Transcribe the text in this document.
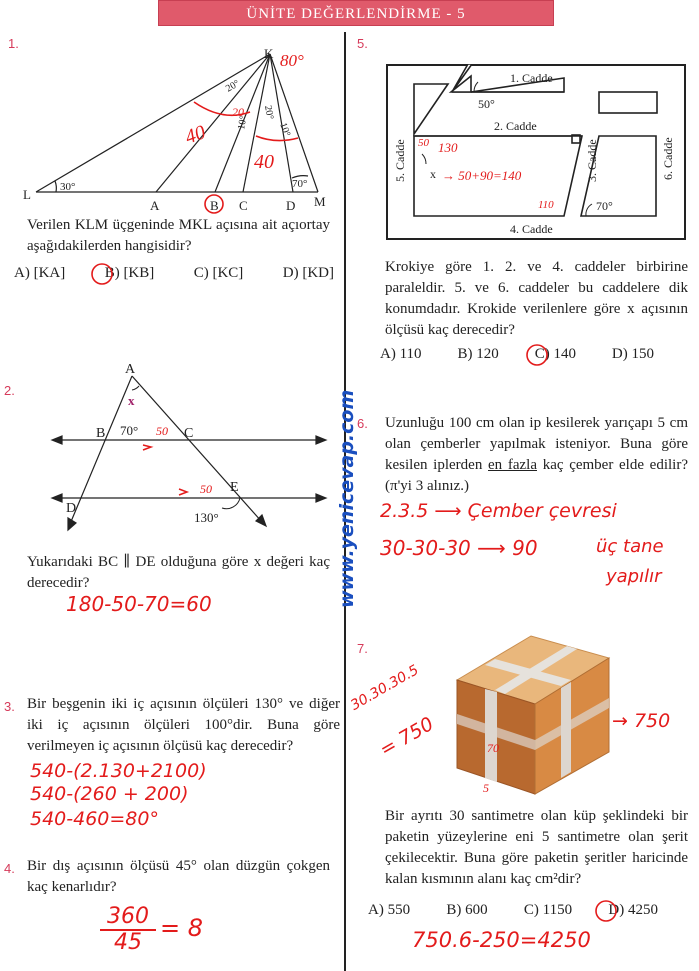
ÜNİTE DEĞERLENDİRME - 5
www.yenicevap.com
1.
K
L	M
A	B C	D
30°	70°
20°
20°
10°	10°
80°
40
20
40
Verilen KLM üçgeninde MKL açısına ait açıortay aşağıdakilerden hangisidir?
A) [KA]	B) [KB]	C) [KC]	D) [KD]
2.
A
B	C
D
E
70°
130°
x
50
50
Yukarıdaki BC ∥ DE olduğuna göre x değeri kaç derecedir?
180-50-70=60
3. Bir beşgenin iki iç açısının ölçüleri 130° ve diğer iki iç açısının ölçüleri 100°dir. Buna göre verilmeyen iç açısının ölçüsü kaç derecedir?
540-(2.130+2100)
540-(260 + 200)
540-460=80°
4. Bir dış açısının ölçüsü 45° olan düzgün çokgen kaç kenarlıdır?
$\frac{360}{45} = 8$
5.
1. Cadde
2. Cadde
4. Cadde
5. Cadde	3. Cadde	6. Cadde
50°
70°
x
50 130
→ 50+90=140
110
Krokiye göre 1. 2. ve 4. caddeler birbirine paraleldir. 5. ve 6. caddeler bu caddelere dik konumdadır. Krokide verilenlere göre x açısının ölçüsü kaç derecedir?
A) 110 B) 120 C) 140 D) 150
6. Uzunluğu 100 cm olan ip kesilerek yarıçapı 5 cm olan çemberler yapılmak isteniyor. Buna göre kesilen iplerden en fazla kaç çember elde edilir? (π'yi 3 alınız.)
2.3.5 ⟶ Çember çevresi
30-30-30 ⟶ 90	üç tane
yapılır
7.
70
5
30.30.30.5
= 750	→ 750
Bir ayrıtı 30 santimetre olan küp şeklindeki bir paketin yüzeylerine eni 5 santimetre olan şerit çekilecektir. Buna göre paketin şeritler haricinde kalan kısmının alanı kaç cm²dir?
A) 550 B) 600 C) 1150 D) 4250
750.6-250=4250
